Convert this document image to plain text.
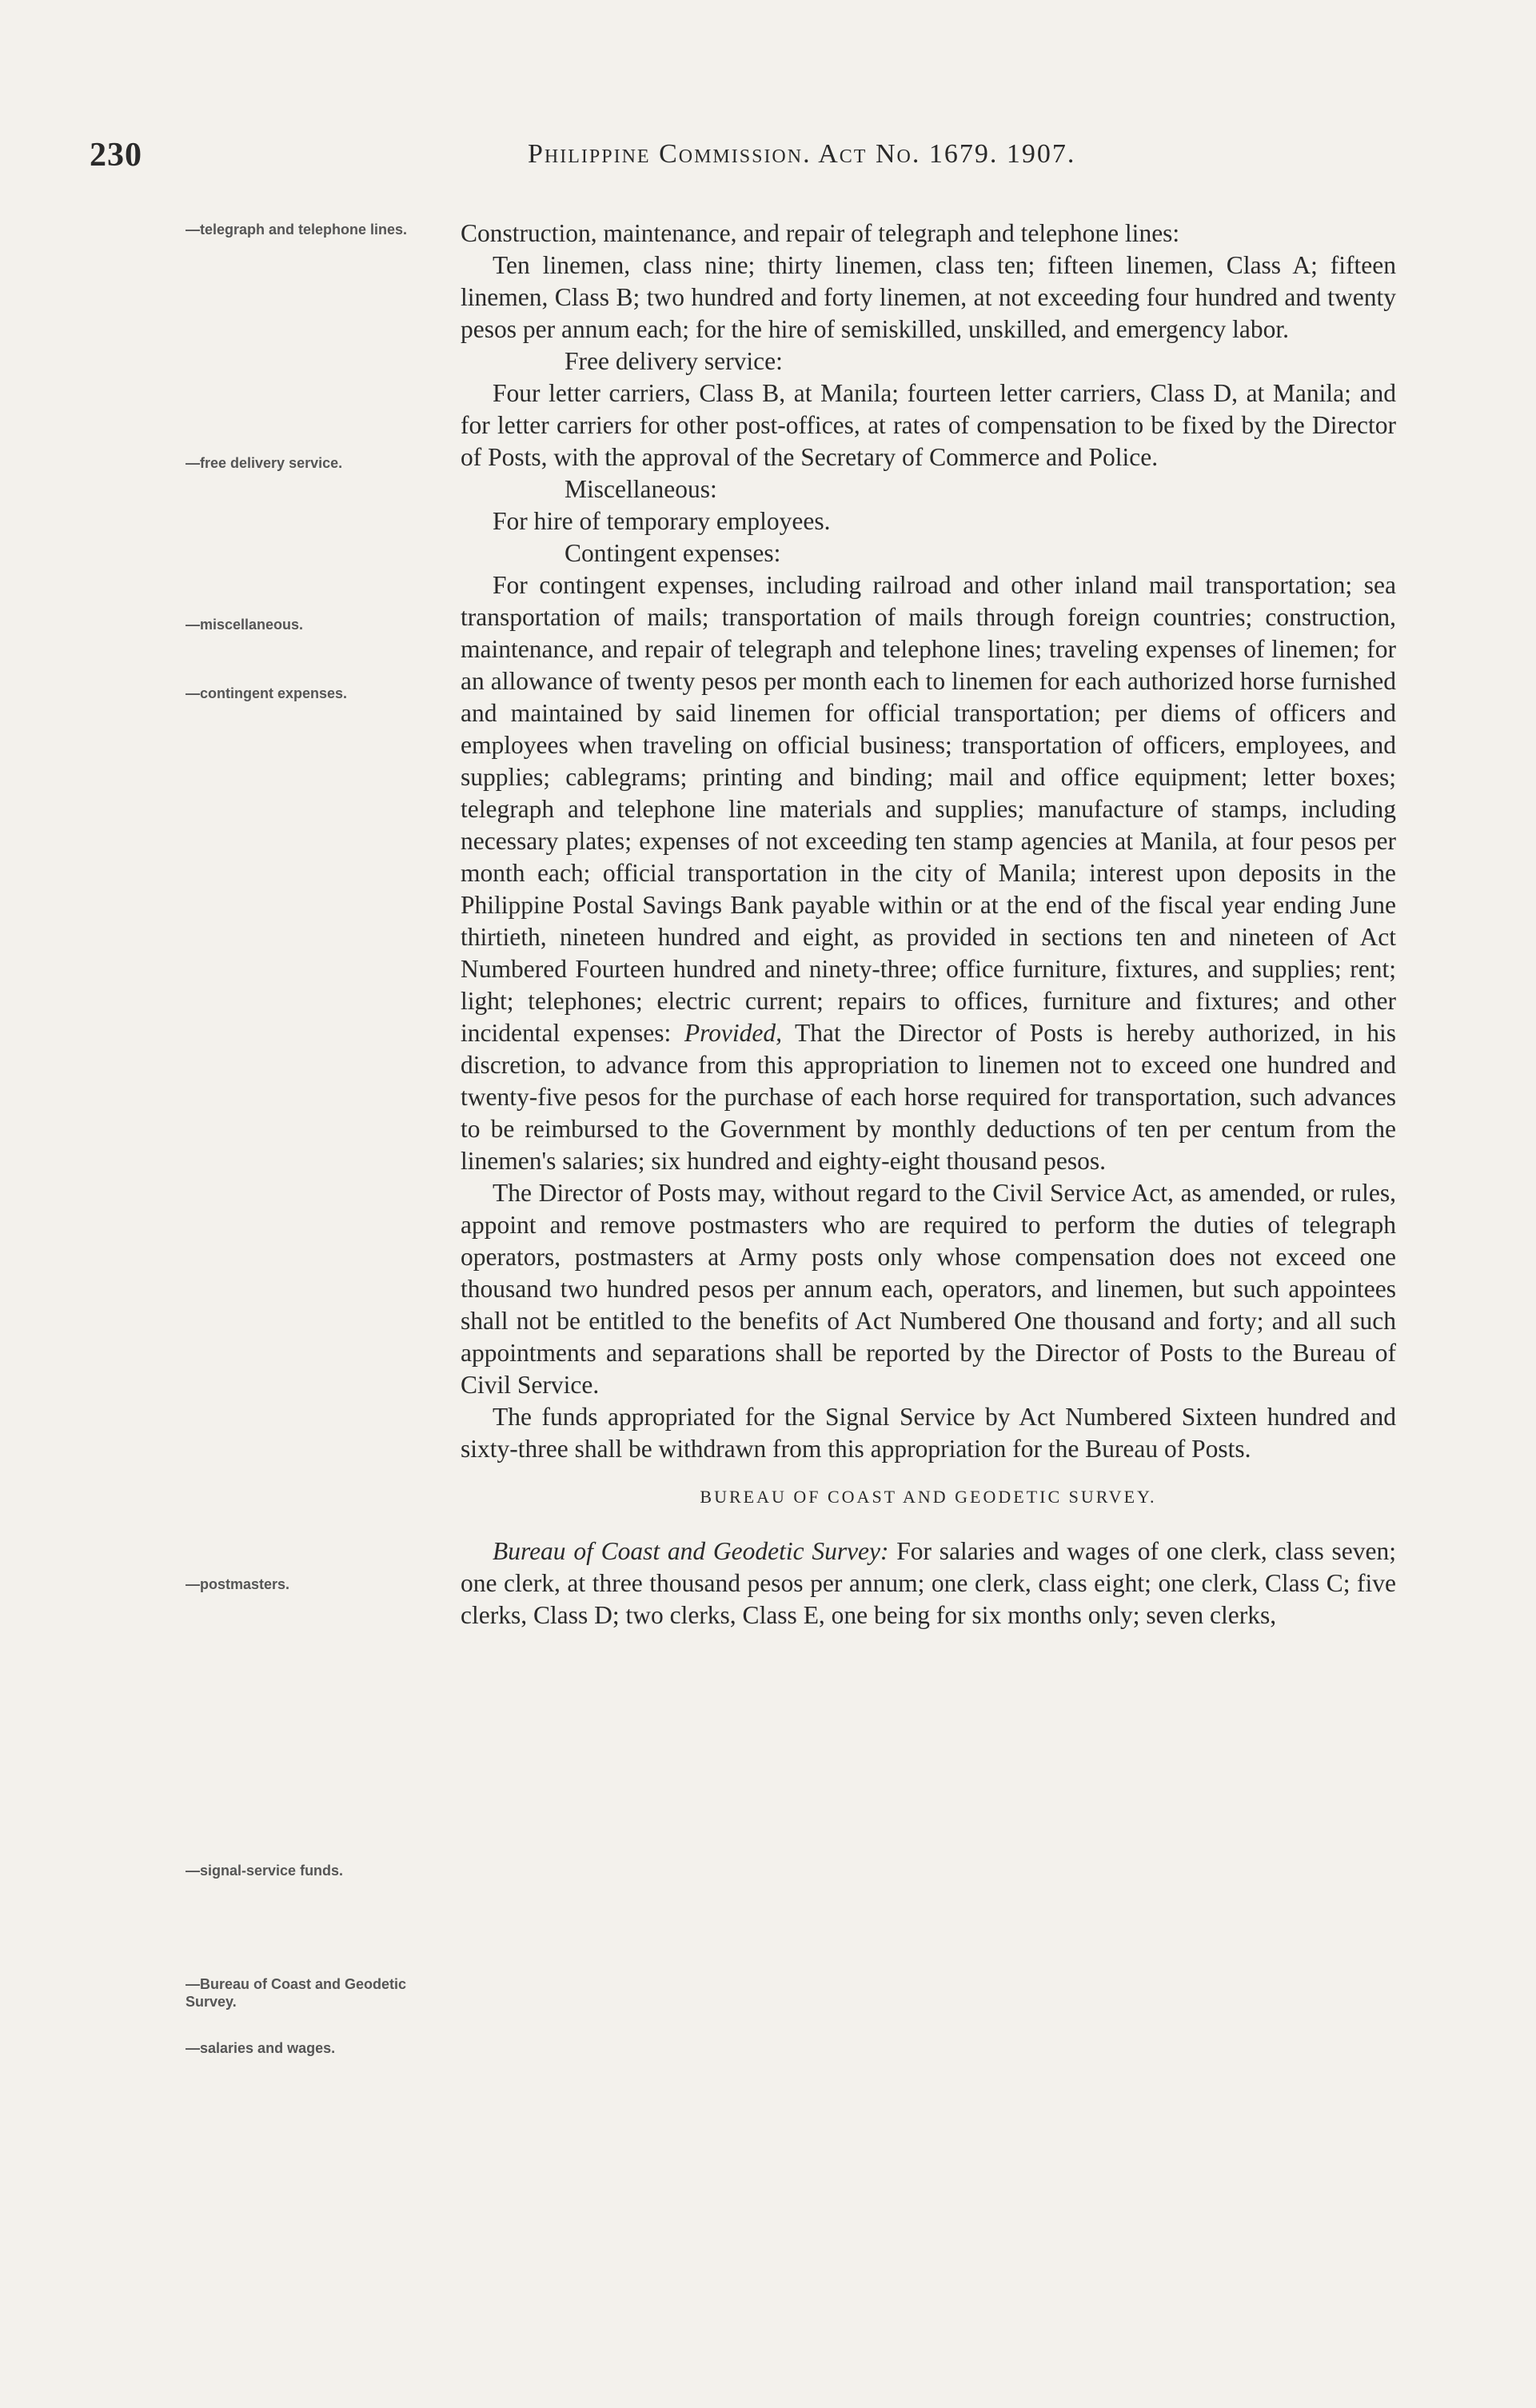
230	Philippine Commission. Act No. 1679. 1907.
—telegraph and telephone lines.
—free delivery service.
—miscellaneous.
—contingent expenses.
—postmasters.
—signal-service funds.
—Bureau of Coast and Geodetic Survey.
—salaries and wages.

Construction, maintenance, and repair of telegraph and telephone lines:

Ten linemen, class nine; thirty linemen, class ten; fifteen linemen, Class A; fifteen linemen, Class B; two hundred and forty linemen, at not exceeding four hundred and twenty pesos per annum each; for the hire of semiskilled, unskilled, and emergency labor.

Free delivery service:

Four letter carriers, Class B, at Manila; fourteen letter carriers, Class D, at Manila; and for letter carriers for other post-offices, at rates of compensation to be fixed by the Director of Posts, with the approval of the Secretary of Commerce and Police.

Miscellaneous:

For hire of temporary employees.

Contingent expenses:

For contingent expenses, including railroad and other inland mail transportation; sea transportation of mails; transportation of mails through foreign countries; construction, maintenance, and repair of telegraph and telephone lines; traveling expenses of linemen; for an allowance of twenty pesos per month each to linemen for each authorized horse furnished and maintained by said linemen for official transportation; per diems of officers and employees when traveling on official business; transportation of officers, employees, and supplies; cablegrams; printing and binding; mail and office equipment; letter boxes; telegraph and telephone line materials and supplies; manufacture of stamps, including necessary plates; expenses of not exceeding ten stamp agencies at Manila, at four pesos per month each; official transportation in the city of Manila; interest upon deposits in the Philippine Postal Savings Bank payable within or at the end of the fiscal year ending June thirtieth, nineteen hundred and eight, as provided in sections ten and nineteen of Act Numbered Fourteen hundred and ninety-three; office furniture, fixtures, and supplies; rent; light; telephones; electric current; repairs to offices, furniture and fixtures; and other incidental expenses: Provided, That the Director of Posts is hereby authorized, in his discretion, to advance from this appropriation to linemen not to exceed one hundred and twenty-five pesos for the purchase of each horse required for transportation, such advances to be reimbursed to the Government by monthly deductions of ten per centum from the linemen's salaries; six hundred and eighty-eight thousand pesos.

The Director of Posts may, without regard to the Civil Service Act, as amended, or rules, appoint and remove postmasters who are required to perform the duties of telegraph operators, postmasters at Army posts only whose compensation does not exceed one thousand two hundred pesos per annum each, operators, and linemen, but such appointees shall not be entitled to the benefits of Act Numbered One thousand and forty; and all such appointments and separations shall be reported by the Director of Posts to the Bureau of Civil Service.

The funds appropriated for the Signal Service by Act Numbered Sixteen hundred and sixty-three shall be withdrawn from this appropriation for the Bureau of Posts.

BUREAU OF COAST AND GEODETIC SURVEY.

Bureau of Coast and Geodetic Survey: For salaries and wages of one clerk, class seven; one clerk, at three thousand pesos per annum; one clerk, class eight; one clerk, Class C; five clerks, Class D; two clerks, Class E, one being for six months only; seven clerks,
